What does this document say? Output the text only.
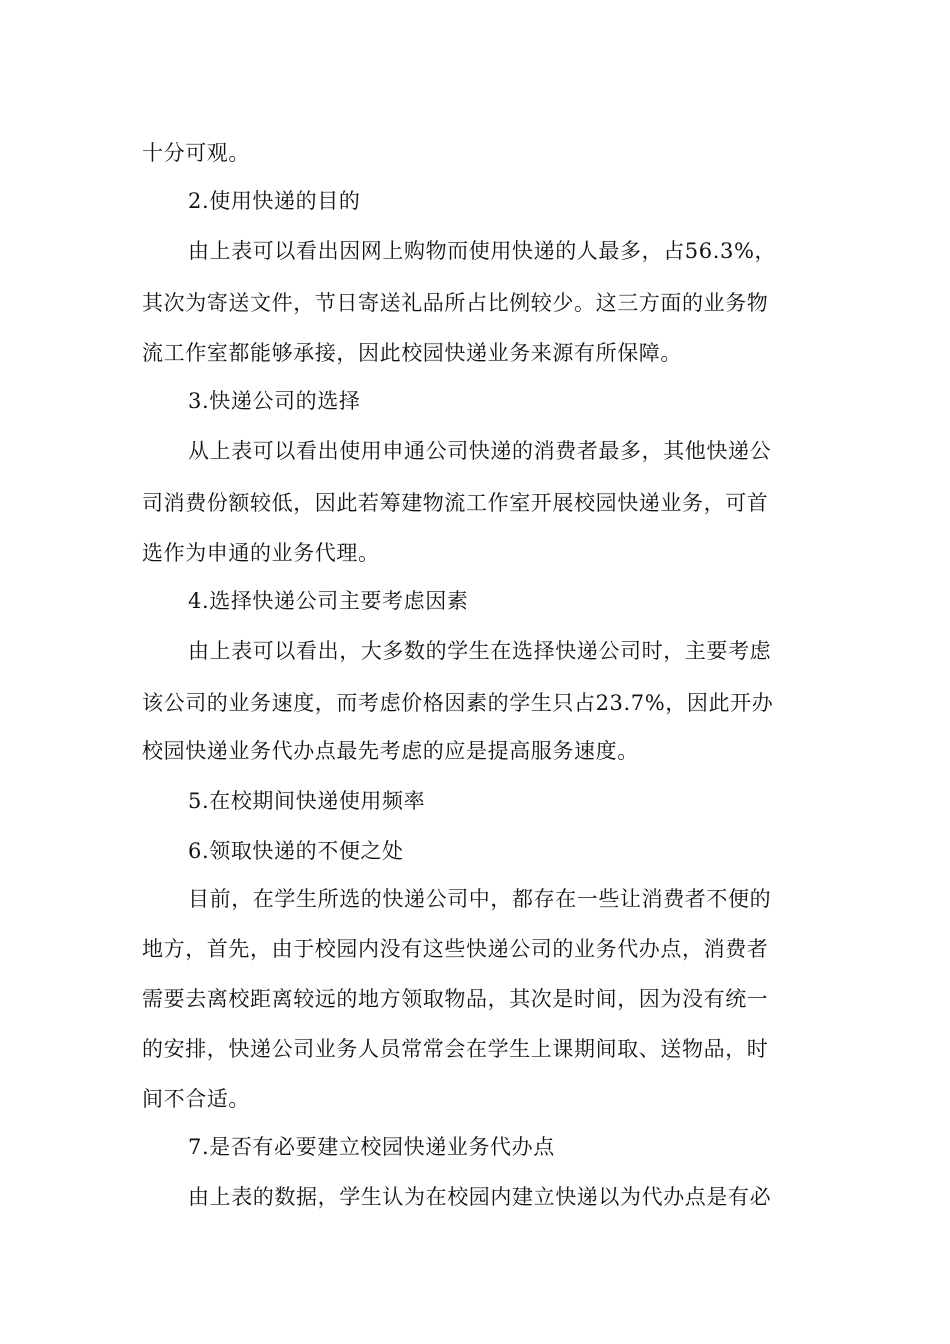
十分可观。
2.使用快递的目的
由上表可以看出因网上购物而使用快递的人最多，占56.3%，
其次为寄送文件，节日寄送礼品所占比例较少。这三方面的业务物
流工作室都能够承接，因此校园快递业务来源有所保障。
3.快递公司的选择
从上表可以看出使用申通公司快递的消费者最多，其他快递公
司消费份额较低，因此若筹建物流工作室开展校园快递业务，可首
选作为申通的业务代理。
4.选择快递公司主要考虑因素
由上表可以看出，大多数的学生在选择快递公司时，主要考虑
该公司的业务速度，而考虑价格因素的学生只占23.7%，因此开办
校园快递业务代办点最先考虑的应是提高服务速度。
5.在校期间快递使用频率
6.领取快递的不便之处
目前，在学生所选的快递公司中，都存在一些让消费者不便的
地方，首先，由于校园内没有这些快递公司的业务代办点，消费者
需要去离校距离较远的地方领取物品，其次是时间，因为没有统一
的安排，快递公司业务人员常常会在学生上课期间取、送物品，时
间不合适。
7.是否有必要建立校园快递业务代办点
由上表的数据，学生认为在校园内建立快递以为代办点是有必
